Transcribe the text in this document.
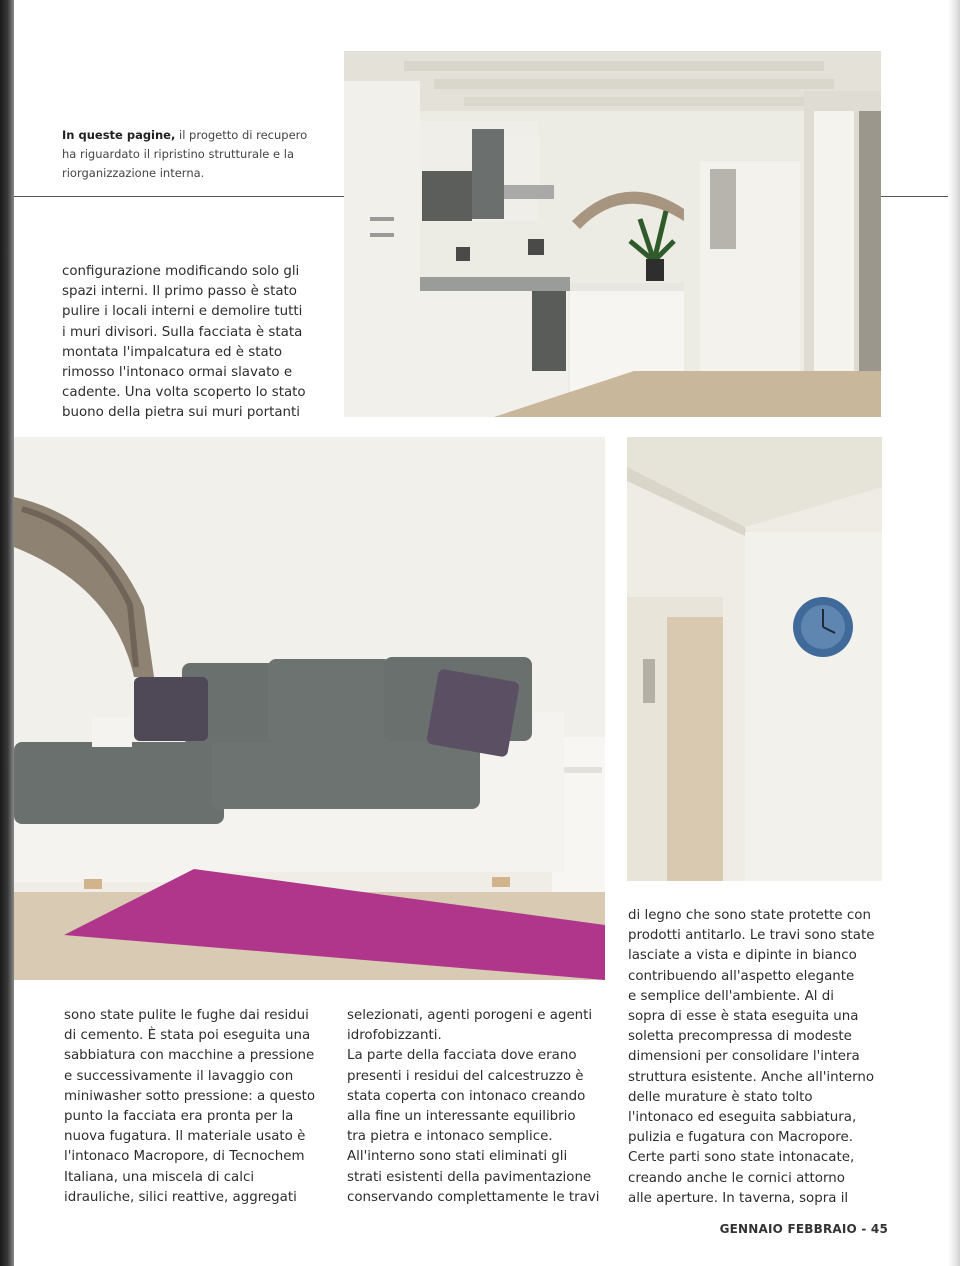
In queste pagine, il progetto di recupero ha riguardato il ripristino strutturale e la riorganizzazione interna.
configurazione modificando solo gli
spazi interni. Il primo passo è stato
pulire i locali interni e demolire tutti
i muri divisori. Sulla facciata è stata
montata l'impalcatura ed è stato
rimosso l'intonaco ormai slavato e
cadente. Una volta scoperto lo stato
buono della pietra sui muri portanti
sono state pulite le fughe dai residui
di cemento. È stata poi eseguita una
sabbiatura con macchine a pressione
e successivamente il lavaggio con
miniwasher sotto pressione: a questo
punto la facciata era pronta per la
nuova fugatura. Il materiale usato è
l'intonaco Macropore, di Tecnochem
Italiana, una miscela di calci
idrauliche, silici reattive, aggregati
selezionati, agenti porogeni e agenti
idrofobizzanti.
La parte della facciata dove erano
presenti i residui del calcestruzzo è
stata coperta con intonaco creando
alla fine un interessante equilibrio
tra pietra e intonaco semplice.
All'interno sono stati eliminati gli
strati esistenti della pavimentazione
conservando complettamente le travi
di legno che sono state protette con
prodotti antitarlo. Le travi sono state
lasciate a vista e dipinte in bianco
contribuendo all'aspetto elegante
e semplice dell'ambiente. Al di
sopra di esse è stata eseguita una
soletta precompressa di modeste
dimensioni per consolidare l'intera
struttura esistente. Anche all'interno
delle murature è stato tolto
l'intonaco ed eseguita sabbiatura,
pulizia e fugatura con Macropore.
Certe parti sono state intonacate,
creando anche le cornici attorno
alle aperture. In taverna, sopra il
GENNAIO FEBBRAIO - 45
